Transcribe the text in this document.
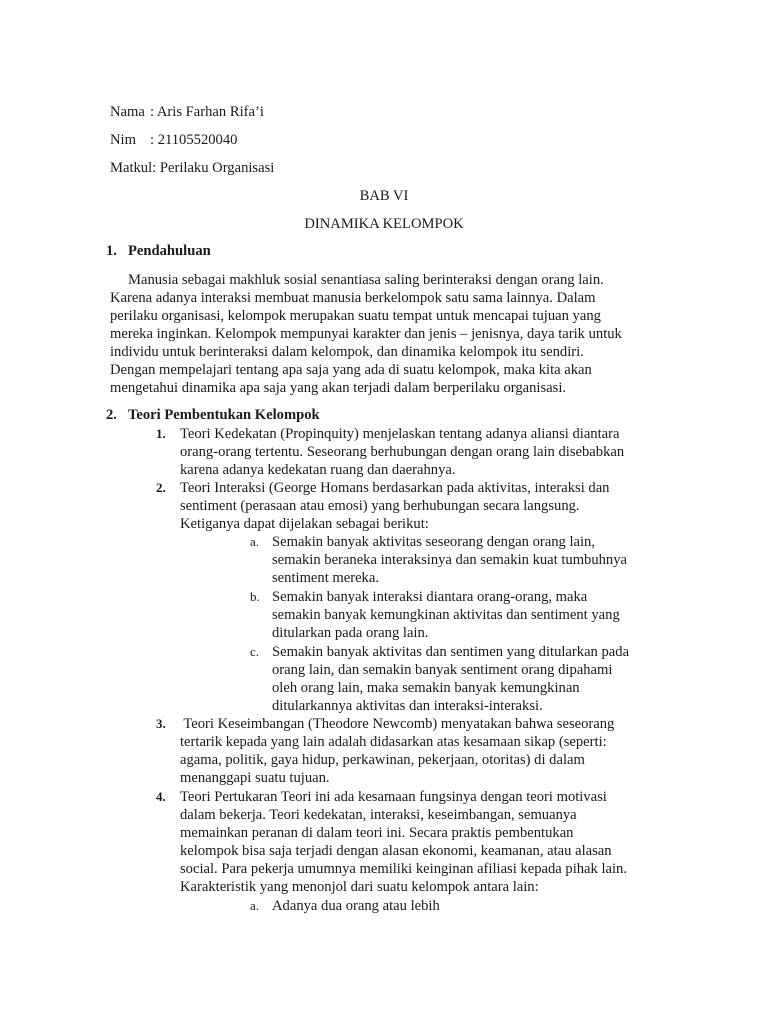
Nama : Aris Farhan Rifa’i
Nim : 21105520040
Matkul: Perilaku Organisasi
BAB VI
DINAMIKA KELOMPOK
1. Pendahuluan
Manusia sebagai makhluk sosial senantiasa saling berinteraksi dengan orang lain.
Karena adanya interaksi membuat manusia berkelompok satu sama lainnya. Dalam
perilaku organisasi, kelompok merupakan suatu tempat untuk mencapai tujuan yang
mereka inginkan. Kelompok mempunyai karakter dan jenis – jenisnya, daya tarik untuk
individu untuk berinteraksi dalam kelompok, dan dinamika kelompok itu sendiri.
Dengan mempelajari tentang apa saja yang ada di suatu kelompok, maka kita akan
mengetahui dinamika apa saja yang akan terjadi dalam berperilaku organisasi.
2. Teori Pembentukan Kelompok
1. Teori Kedekatan (Propinquity) menjelaskan tentang adanya aliansi diantara
orang-orang tertentu. Seseorang berhubungan dengan orang lain disebabkan
karena adanya kedekatan ruang dan daerahnya.
2. Teori Interaksi (George Homans berdasarkan pada aktivitas, interaksi dan
sentiment (perasaan atau emosi) yang berhubungan secara langsung.
Ketiganya dapat dijelakan sebagai berikut:
a. Semakin banyak aktivitas seseorang dengan orang lain,
semakin beraneka interaksinya dan semakin kuat tumbuhnya
sentiment mereka.
b. Semakin banyak interaksi diantara orang-orang, maka
semakin banyak kemungkinan aktivitas dan sentiment yang
ditularkan pada orang lain.
c. Semakin banyak aktivitas dan sentimen yang ditularkan pada
orang lain, dan semakin banyak sentiment orang dipahami
oleh orang lain, maka semakin banyak kemungkinan
ditularkannya aktivitas dan interaksi-interaksi.
3. Teori Keseimbangan (Theodore Newcomb) menyatakan bahwa seseorang
tertarik kepada yang lain adalah didasarkan atas kesamaan sikap (seperti:
agama, politik, gaya hidup, perkawinan, pekerjaan, otoritas) di dalam
menanggapi suatu tujuan.
4. Teori Pertukaran Teori ini ada kesamaan fungsinya dengan teori motivasi
dalam bekerja. Teori kedekatan, interaksi, keseimbangan, semuanya
memainkan peranan di dalam teori ini. Secara praktis pembentukan
kelompok bisa saja terjadi dengan alasan ekonomi, keamanan, atau alasan
social. Para pekerja umumnya memiliki keinginan afiliasi kepada pihak lain.
Karakteristik yang menonjol dari suatu kelompok antara lain:
a. Adanya dua orang atau lebih
